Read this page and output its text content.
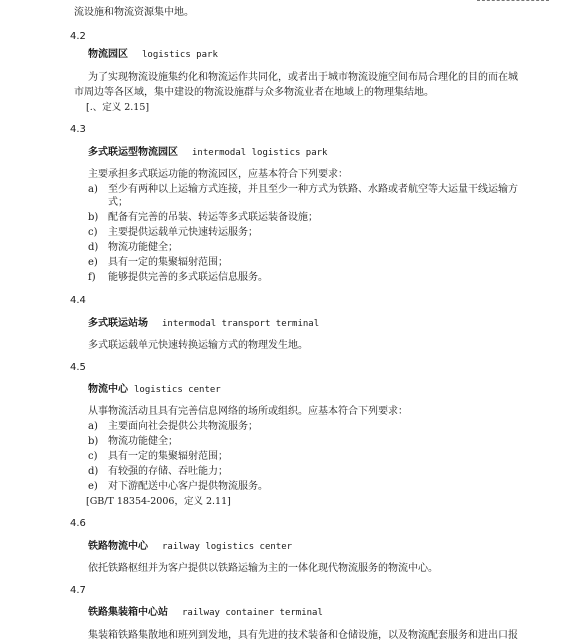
流设施和物流资源集中地。
4.2
物流园区 logistics park
为了实现物流设施集约化和物流运作共同化，或者出于城市物流设施空间布局合理化的目的而在城
市周边等各区域，集中建设的物流设施群与众多物流业者在地域上的物理集结地。
[.、定义 2.15]
4.3
多式联运型物流园区 intermodal logistics park
主要承担多式联运功能的物流园区，应基本符合下列要求：
a) 至少有两种以上运输方式连接，并且至少一种方式为铁路、水路或者航空等大运量干线运输方
式；
b) 配备有完善的吊装、转运等多式联运装备设施；
c) 主要提供运载单元快速转运服务；
d) 物流功能健全；
e) 具有一定的集聚辐射范围；
f) 能够提供完善的多式联运信息服务。
4.4
多式联运站场 intermodal transport terminal
多式联运载单元快速转换运输方式的物理发生地。
4.5
物流中心 logistics center
从事物流活动且具有完善信息网络的场所或组织。应基本符合下列要求：
a) 主要面向社会提供公共物流服务；
b) 物流功能健全；
c) 具有一定的集聚辐射范围；
d) 有较强的存储、吞吐能力；
e) 对下游配送中心客户提供物流服务。
[GB/T 18354-2006，定义 2.11]
4.6
铁路物流中心 railway logistics center
依托铁路枢纽并为客户提供以铁路运输为主的一体化现代物流服务的物流中心。
4.7
铁路集装箱中心站 railway container terminal
集装箱铁路集散地和班列到发地，具有先进的技术装备和仓储设施，以及物流配套服务和进出口报
